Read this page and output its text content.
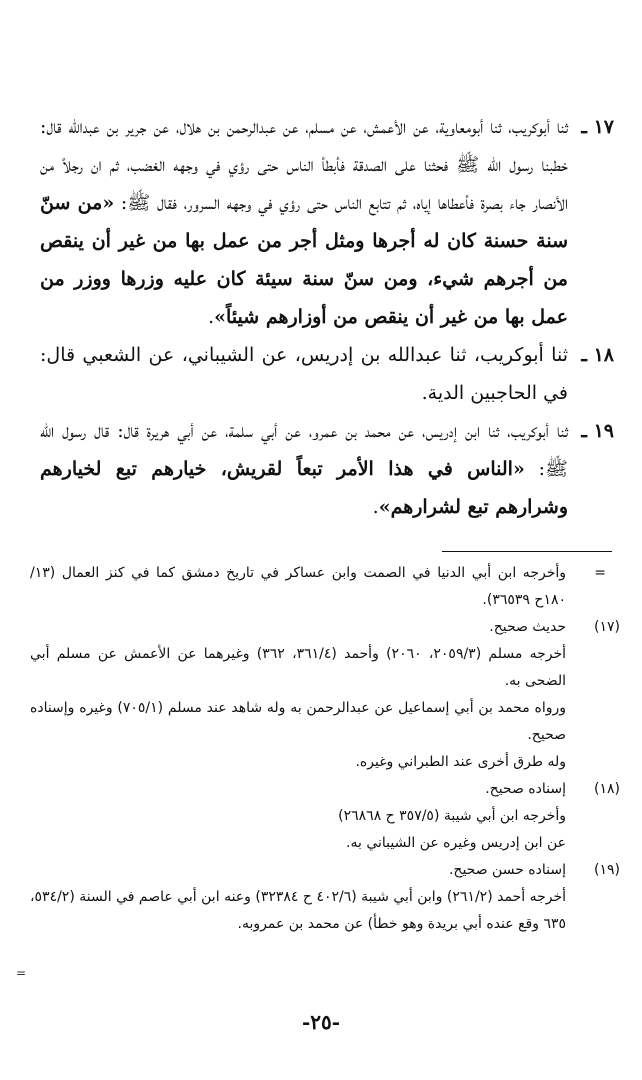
١٧ ـ
ثنا أبوكريب، ثنا أبومعاوية، عن الأعمش، عن مسلم، عن عبدالرحمن بن هلال، عن جرير بن عبدالله قال: خطبنا رسول الله ﷺ فحثنا على الصدقة فأبطأ الناس حتى رؤي في وجهه الغضب، ثم ان رجلاً من الأنصار جاء بصرة فأعطاها إياه، ثم تتابع الناس حتى رؤي في وجهه السرور، فقال ﷺ: «من سنّ سنة حسنة كان له أجرها ومثل أجر من عمل بها من غير أن ينقص من أجرهم شيء، ومن سنّ سنة سيئة كان عليه وزرها ووزر من عمل بها من غير أن ينقص من أوزارهم شيئاً».

١٨ ـ
ثنا أبوكريب، ثنا عبدالله بن إدريس، عن الشيباني، عن الشعبي قال: في الحاجبين الدية.

١٩ ـ
ثنا أبوكريب، ثنا ابن إدريس، عن محمد بن عمرو، عن أبي سلمة، عن أبي هريرة قال: قال رسول الله ﷺ: «الناس في هذا الأمر تبعاً لقريش، خيارهم تبع لخيارهم وشرارهم تبع لشرارهم».

=

وأخرجه ابن أبي الدنيا في الصمت وابن عساكر في تاريخ دمشق كما في كنز العمال (١٣/ ١٨٠ح ٣٦٥٣٩).

(١٧)

حديث صحيح.

أخرجه مسلم (٢٠٥٩/٣، ٢٠٦٠) وأحمد (٣٦١/٤، ٣٦٢) وغيرهما عن الأعمش عن مسلم أبي الضحى به.

ورواه محمد بن أبي إسماعيل عن عبدالرحمن به وله شاهد عند مسلم (٧٠٥/١) وغيره وإسناده صحيح.

وله طرق أخرى عند الطبراني وغيره.

(١٨)

إسناده صحيح.

وأخرجه ابن أبي شيبة (٣٥٧/٥ ح ٢٦٨٦٨)

عن ابن إدريس وغيره عن الشيباني به.

(١٩)

إسناده حسن صحيح.

أخرجه أحمد (٢٦١/٢) وابن أبي شيبة (٤٠٢/٦ ح ٣٢٣٨٤) وعنه ابن أبي عاصم في السنة (٥٣٤/٢، ٦٣٥ وقع عنده أبي بريدة وهو خطأ) عن محمد بن عمروبه.

=
-٢٥-
